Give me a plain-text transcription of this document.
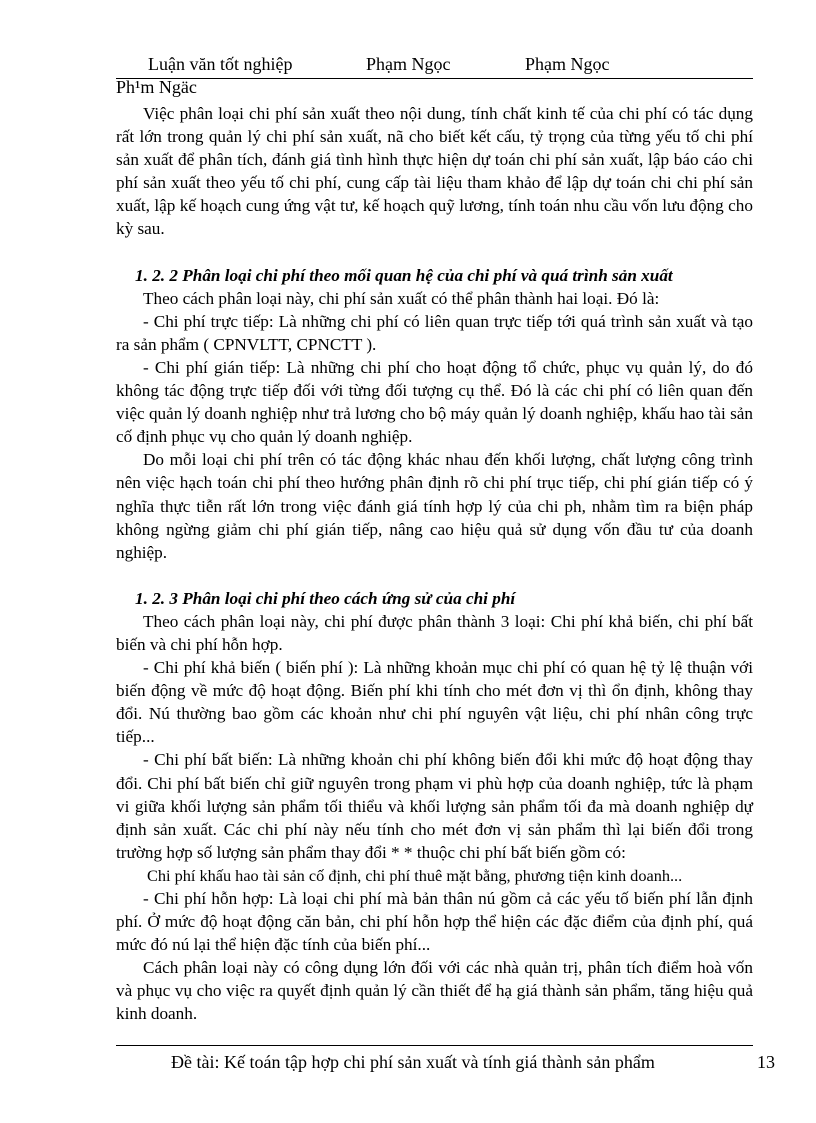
Luận văn tốt nghiệp	Phạm Ngọc	Phạm Ngọc
Ph¹m Ngäc

Việc phân loại chi phí sản xuất theo nội dung, tính chất kinh tế của chi phí có tác dụng rất lớn trong quản lý chi phí sản xuất, nã cho biết kết cấu, tỷ trọng của từng yếu tố chi phí sản xuất để phân tích, đánh giá tình hình thực hiện dự toán chi phí sản xuất, lập báo cáo chi phí sản xuất theo yếu tố chi phí, cung cấp tài liệu tham khảo để lập dự toán chi chi phí sản xuất, lập kế hoạch cung ứng vật tư, kế hoạch quỹ lương, tính toán nhu cầu vốn lưu động cho kỳ sau.

1. 2. 2 Phân loại chi phí theo mối quan hệ của chi phí và quá trình sản xuất

Theo cách phân loại này, chi phí sản xuất có thể phân thành hai loại. Đó là:

- Chi phí trực tiếp: Là những chi phí có liên quan trực tiếp tới quá trình sản xuất và tạo ra sản phẩm ( CPNVLTT, CPNCTT ).

- Chi phí gián tiếp: Là những chi phí cho hoạt động tổ chức, phục vụ quản lý, do đó không tác động trực tiếp đối với từng đối tượng cụ thể. Đó là các chi phí có liên quan đến việc quản lý doanh nghiệp như trả lương cho bộ máy quản lý doanh nghiệp, khấu hao tài sản cố định phục vụ cho quản lý doanh nghiệp.

Do mỗi loại chi phí trên có tác động khác nhau đến khối lượng, chất lượng công trình nên việc hạch toán chi phí theo hướng phân định rõ chi phí trục tiếp, chi phí gián tiếp có ý nghĩa thực tiễn rất lớn trong việc đánh giá tính hợp lý của chi ph, nhằm tìm ra biện pháp không ngừng giảm chi phí gián tiếp, nâng cao hiệu quả sử dụng vốn đầu tư của doanh nghiệp.

1. 2. 3 Phân loại chi phí theo cách ứng sử của chi phí

Theo cách phân loại này, chi phí được phân thành 3 loại: Chi phí khả biến, chi phí bất biến và chi phí hỗn hợp.

- Chi phí khả biến ( biến phí ): Là những khoản mục chi phí có quan hệ tỷ lệ thuận với biến động về mức độ hoạt động. Biến phí khi tính cho mét đơn vị thì ổn định, không thay đổi. Nú thường bao gồm các khoản như chi phí nguyên vật liệu, chi phí nhân công trực tiếp...

- Chi phí bất biến: Là những khoản chi phí không biến đổi khi mức độ hoạt động thay đổi. Chi phí bất biến chỉ giữ nguyên trong phạm vi phù hợp của doanh nghiệp, tức là phạm vi giữa khối lượng sản phẩm tối thiểu và khối lượng sản phẩm tối đa mà doanh nghiệp dự định sản xuất. Các chi phí này nếu tính cho mét đơn vị sản phẩm thì lại biến đổi trong trường hợp số lượng sản phẩm thay đổi * * thuộc chi phí bất biến gồm có:

Chi phí khấu hao tài sản cố định, chi phí thuê mặt bằng, phương tiện kinh doanh...

- Chi phí hỗn hợp: Là loại chi phí mà bản thân nú gồm cả các yếu tố biến phí lẫn định phí. Ở mức độ hoạt động căn bản, chi phí hỗn hợp thể hiện các đặc điểm của định phí, quá mức đó nú lại thể hiện đặc tính của biến phí...

Cách phân loại này có công dụng lớn đối với các nhà quản trị, phân tích điểm hoà vốn và phục vụ cho việc ra quyết định quản lý cần thiết để hạ giá thành sản phẩm, tăng hiệu quả kinh doanh.

Đề tài: Kế toán tập hợp chi phí sản xuất và tính giá thành sản phẩm	13
